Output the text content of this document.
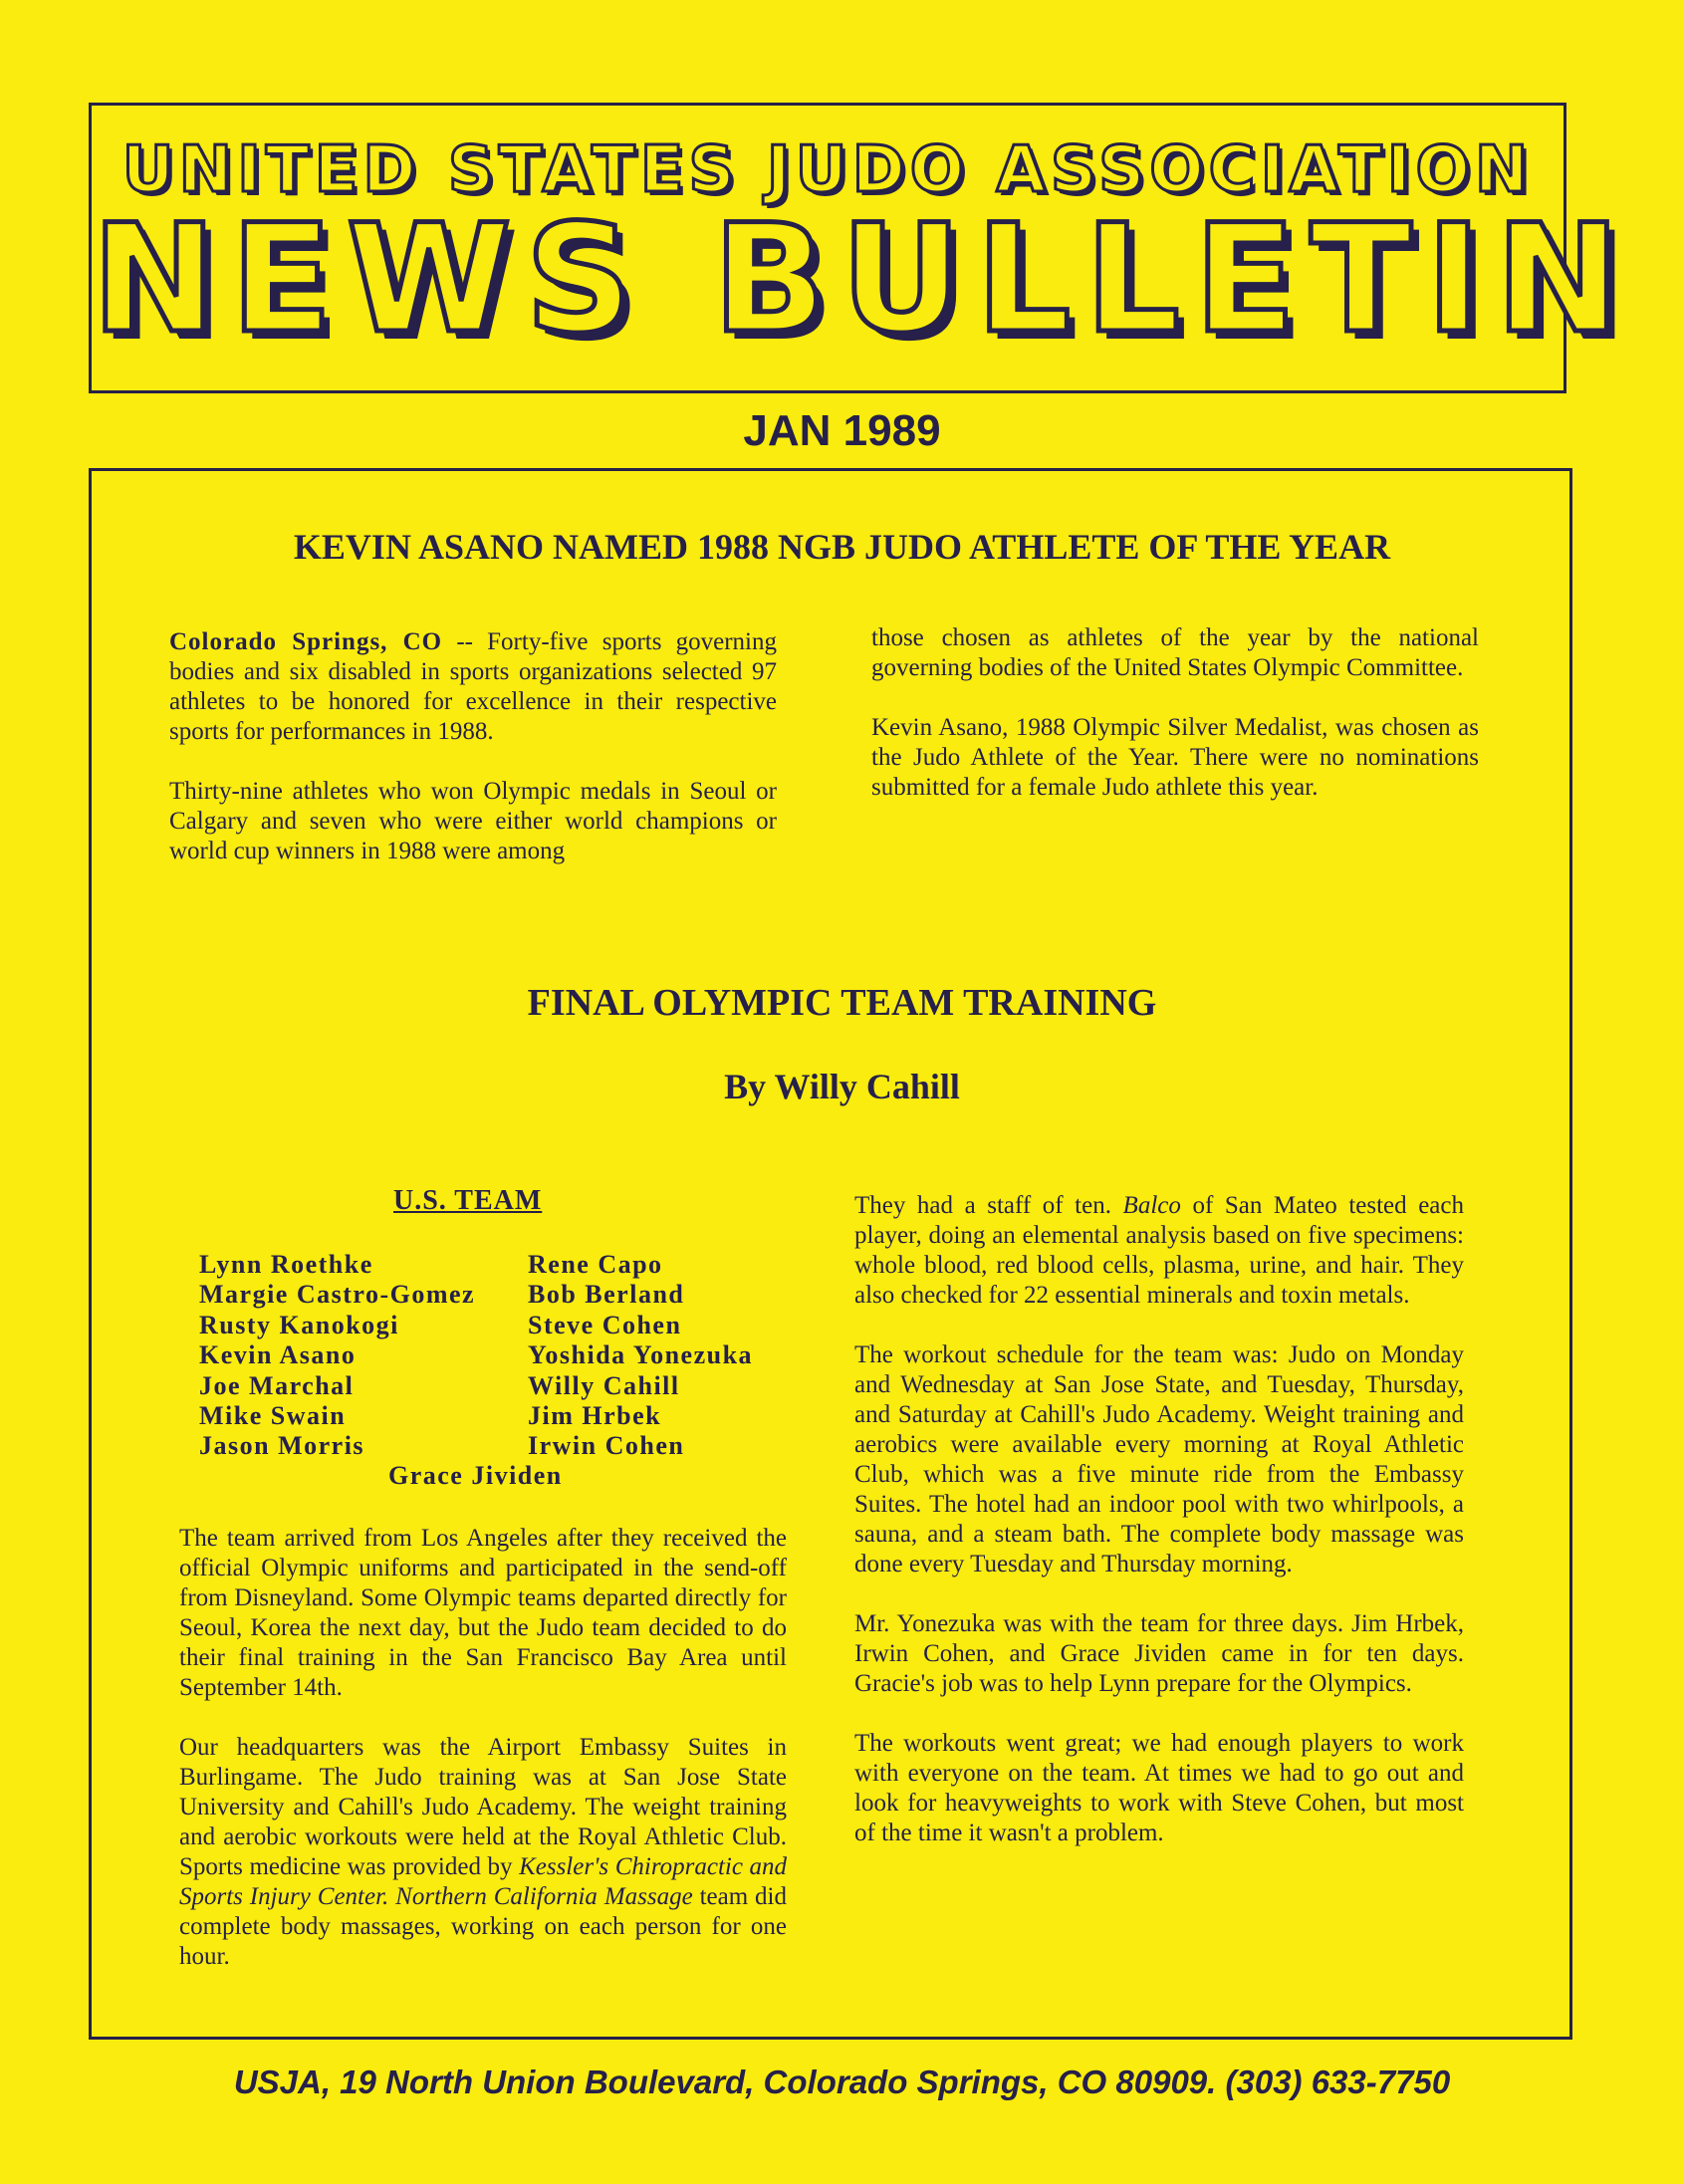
UNITED STATES JUDO ASSOCIATION
NEWS BULLETIN
JAN 1989
KEVIN ASANO NAMED 1988 NGB JUDO ATHLETE OF THE YEAR

Colorado Springs, CO -- Forty-five sports governing bodies and six disabled in sports organizations selected 97 athletes to be honored for excellence in their respective sports for performances in 1988.

Thirty-nine athletes who won Olympic medals in Seoul or Calgary and seven who were either world champions or world cup winners in 1988 were among

those chosen as athletes of the year by the national governing bodies of the United States Olympic Committee.

Kevin Asano, 1988 Olympic Silver Medalist, was chosen as the Judo Athlete of the Year. There were no nominations submitted for a female Judo athlete this year.

FINAL OLYMPIC TEAM TRAINING
By Willy Cahill
U.S. TEAM
Lynn Roethke
Margie Castro-Gomez
Rusty Kanokogi
Kevin Asano
Joe Marchal
Mike Swain
Jason Morris
Rene Capo
Bob Berland
Steve Cohen
Yoshida Yonezuka
Willy Cahill
Jim Hrbek
Irwin Cohen
Grace Jividen

The team arrived from Los Angeles after they received the official Olympic uniforms and participated in the send-off from Disneyland. Some Olympic teams departed directly for Seoul, Korea the next day, but the Judo team decided to do their final training in the San Francisco Bay Area until September 14th.

Our headquarters was the Airport Embassy Suites in Burlingame. The Judo training was at San Jose State University and Cahill's Judo Academy. The weight training and aerobic workouts were held at the Royal Athletic Club. Sports medicine was provided by Kessler's Chiropractic and Sports Injury Center. Northern California Massage team did complete body massages, working on each person for one hour.

They had a staff of ten. Balco of San Mateo tested each player, doing an elemental analysis based on five specimens: whole blood, red blood cells, plasma, urine, and hair. They also checked for 22 essential minerals and toxin metals.

The workout schedule for the team was: Judo on Monday and Wednesday at San Jose State, and Tuesday, Thursday, and Saturday at Cahill's Judo Academy. Weight training and aerobics were available every morning at Royal Athletic Club, which was a five minute ride from the Embassy Suites. The hotel had an indoor pool with two whirlpools, a sauna, and a steam bath. The complete body massage was done every Tuesday and Thursday morning.

Mr. Yonezuka was with the team for three days. Jim Hrbek, Irwin Cohen, and Grace Jividen came in for ten days. Gracie's job was to help Lynn prepare for the Olympics.

The workouts went great; we had enough players to work with everyone on the team. At times we had to go out and look for heavyweights to work with Steve Cohen, but most of the time it wasn't a problem.

USJA, 19 North Union Boulevard, Colorado Springs, CO 80909. (303) 633-7750
